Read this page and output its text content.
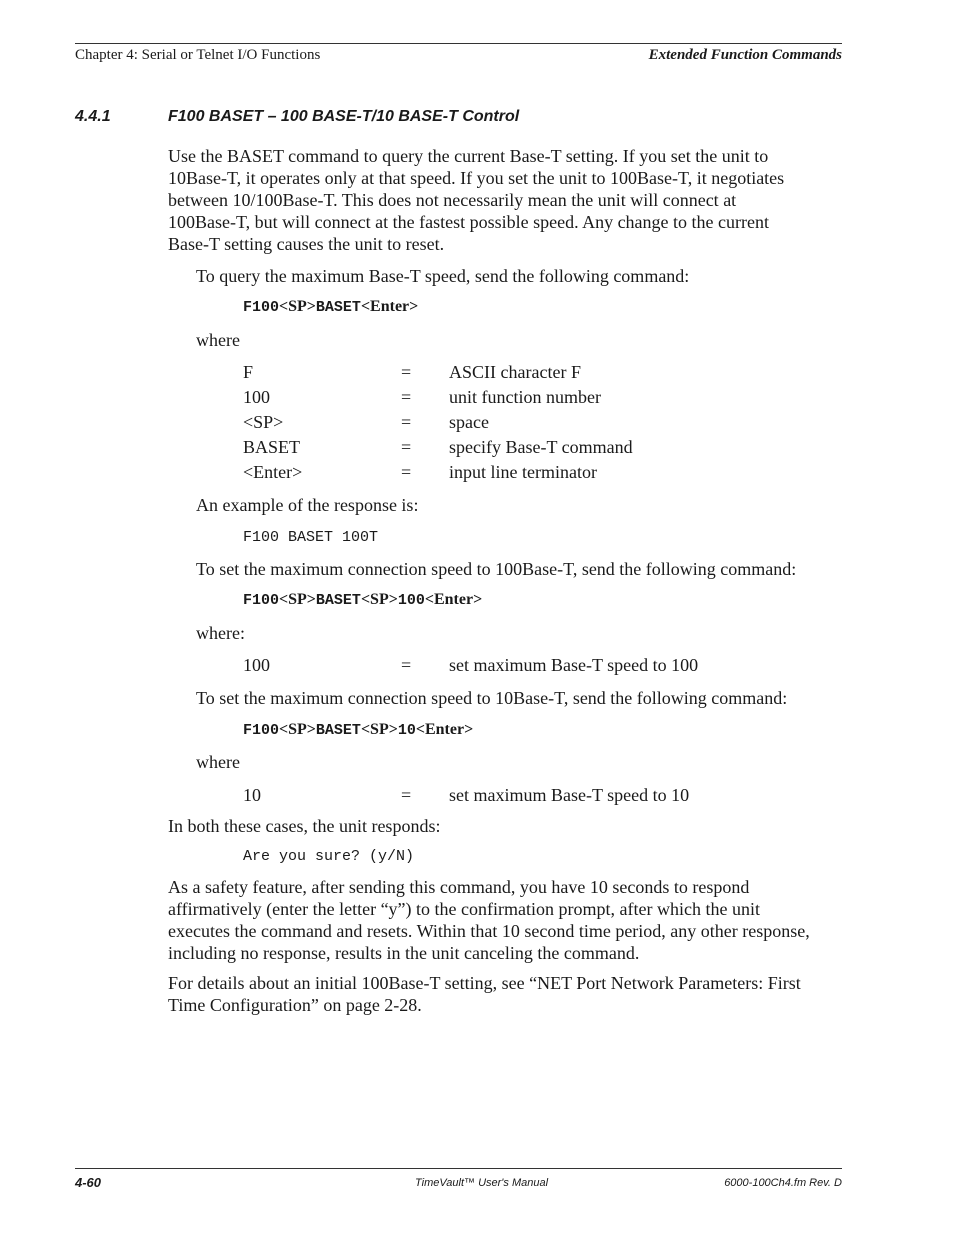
Chapter 4: Serial or Telnet I/O Functions	Extended Function Commands
4.4.1	F100 BASET – 100 BASE-T/10 BASE-T Control
Use the BASET command to query the current Base-T setting. If you set the unit to
10Base-T, it operates only at that speed. If you set the unit to 100Base-T, it negotiates
between 10/100Base-T. This does not necessarily mean the unit will connect at
100Base-T, but will connect at the fastest possible speed. Any change to the current
Base-T setting causes the unit to reset.
To query the maximum Base-T speed, send the following command:
F100<SP>BASET<Enter>
where
F	= ASCII character F
100	= unit function number
<SP>	= space
BASET	= specify Base-T command
<Enter>	= input line terminator
An example of the response is:
F100 BASET 100T
To set the maximum connection speed to 100Base-T, send the following command:
F100<SP>BASET<SP>100<Enter>
where:
100	= set maximum Base-T speed to 100
To set the maximum connection speed to 10Base-T, send the following command:
F100<SP>BASET<SP>10<Enter>
where
10	= set maximum Base-T speed to 10
In both these cases, the unit responds:
Are you sure? (y/N)
As a safety feature, after sending this command, you have 10 seconds to respond
affirmatively (enter the letter “y”) to the confirmation prompt, after which the unit
executes the command and resets. Within that 10 second time period, any other response,
including no response, results in the unit canceling the command.
For details about an initial 100Base-T setting, see “NET Port Network Parameters: First
Time Configuration” on page 2-28.
4-60	TimeVault™ User's Manual	6000-100Ch4.fm Rev. D
